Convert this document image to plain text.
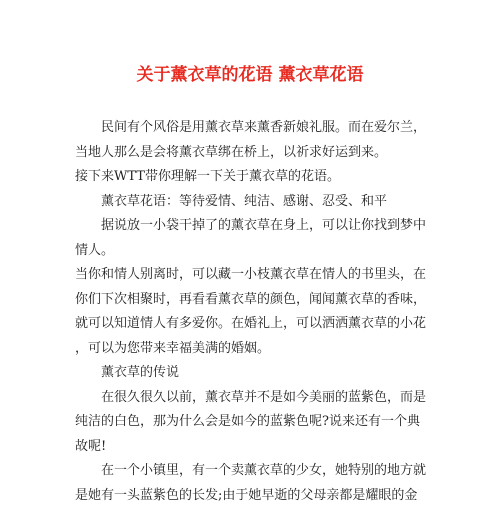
关于薰衣草的花语 薰衣草花语
民间有个风俗是用薰衣草来薰香新娘礼服。而在爱尔兰，
当地人那么是会将薰衣草绑在桥上，以祈求好运到来。
接下来WTT带你理解一下关于薰衣草的花语。
薰衣草花语：等待爱情、纯洁、感谢、忍受、和平
据说放一小袋干掉了的薰衣草在身上，可以让你找到梦中
情人。
当你和情人别离时，可以藏一小枝薰衣草在情人的书里头，在
你们下次相聚时，再看看薰衣草的颜色，闻闻薰衣草的香味，
就可以知道情人有多爱你。在婚礼上，可以洒洒薰衣草的小花
，可以为您带来幸福美满的婚姻。
薰衣草的传说
在很久很久以前，薰衣草并不是如今美丽的蓝紫色，而是
纯洁的白色，那为什么会是如今的蓝紫色呢?说来还有一个典
故呢!
在一个小镇里，有一个卖薰衣草的少女，她特别的地方就
是她有一头蓝紫色的长发;由于她早逝的父母亲都是耀眼的金
